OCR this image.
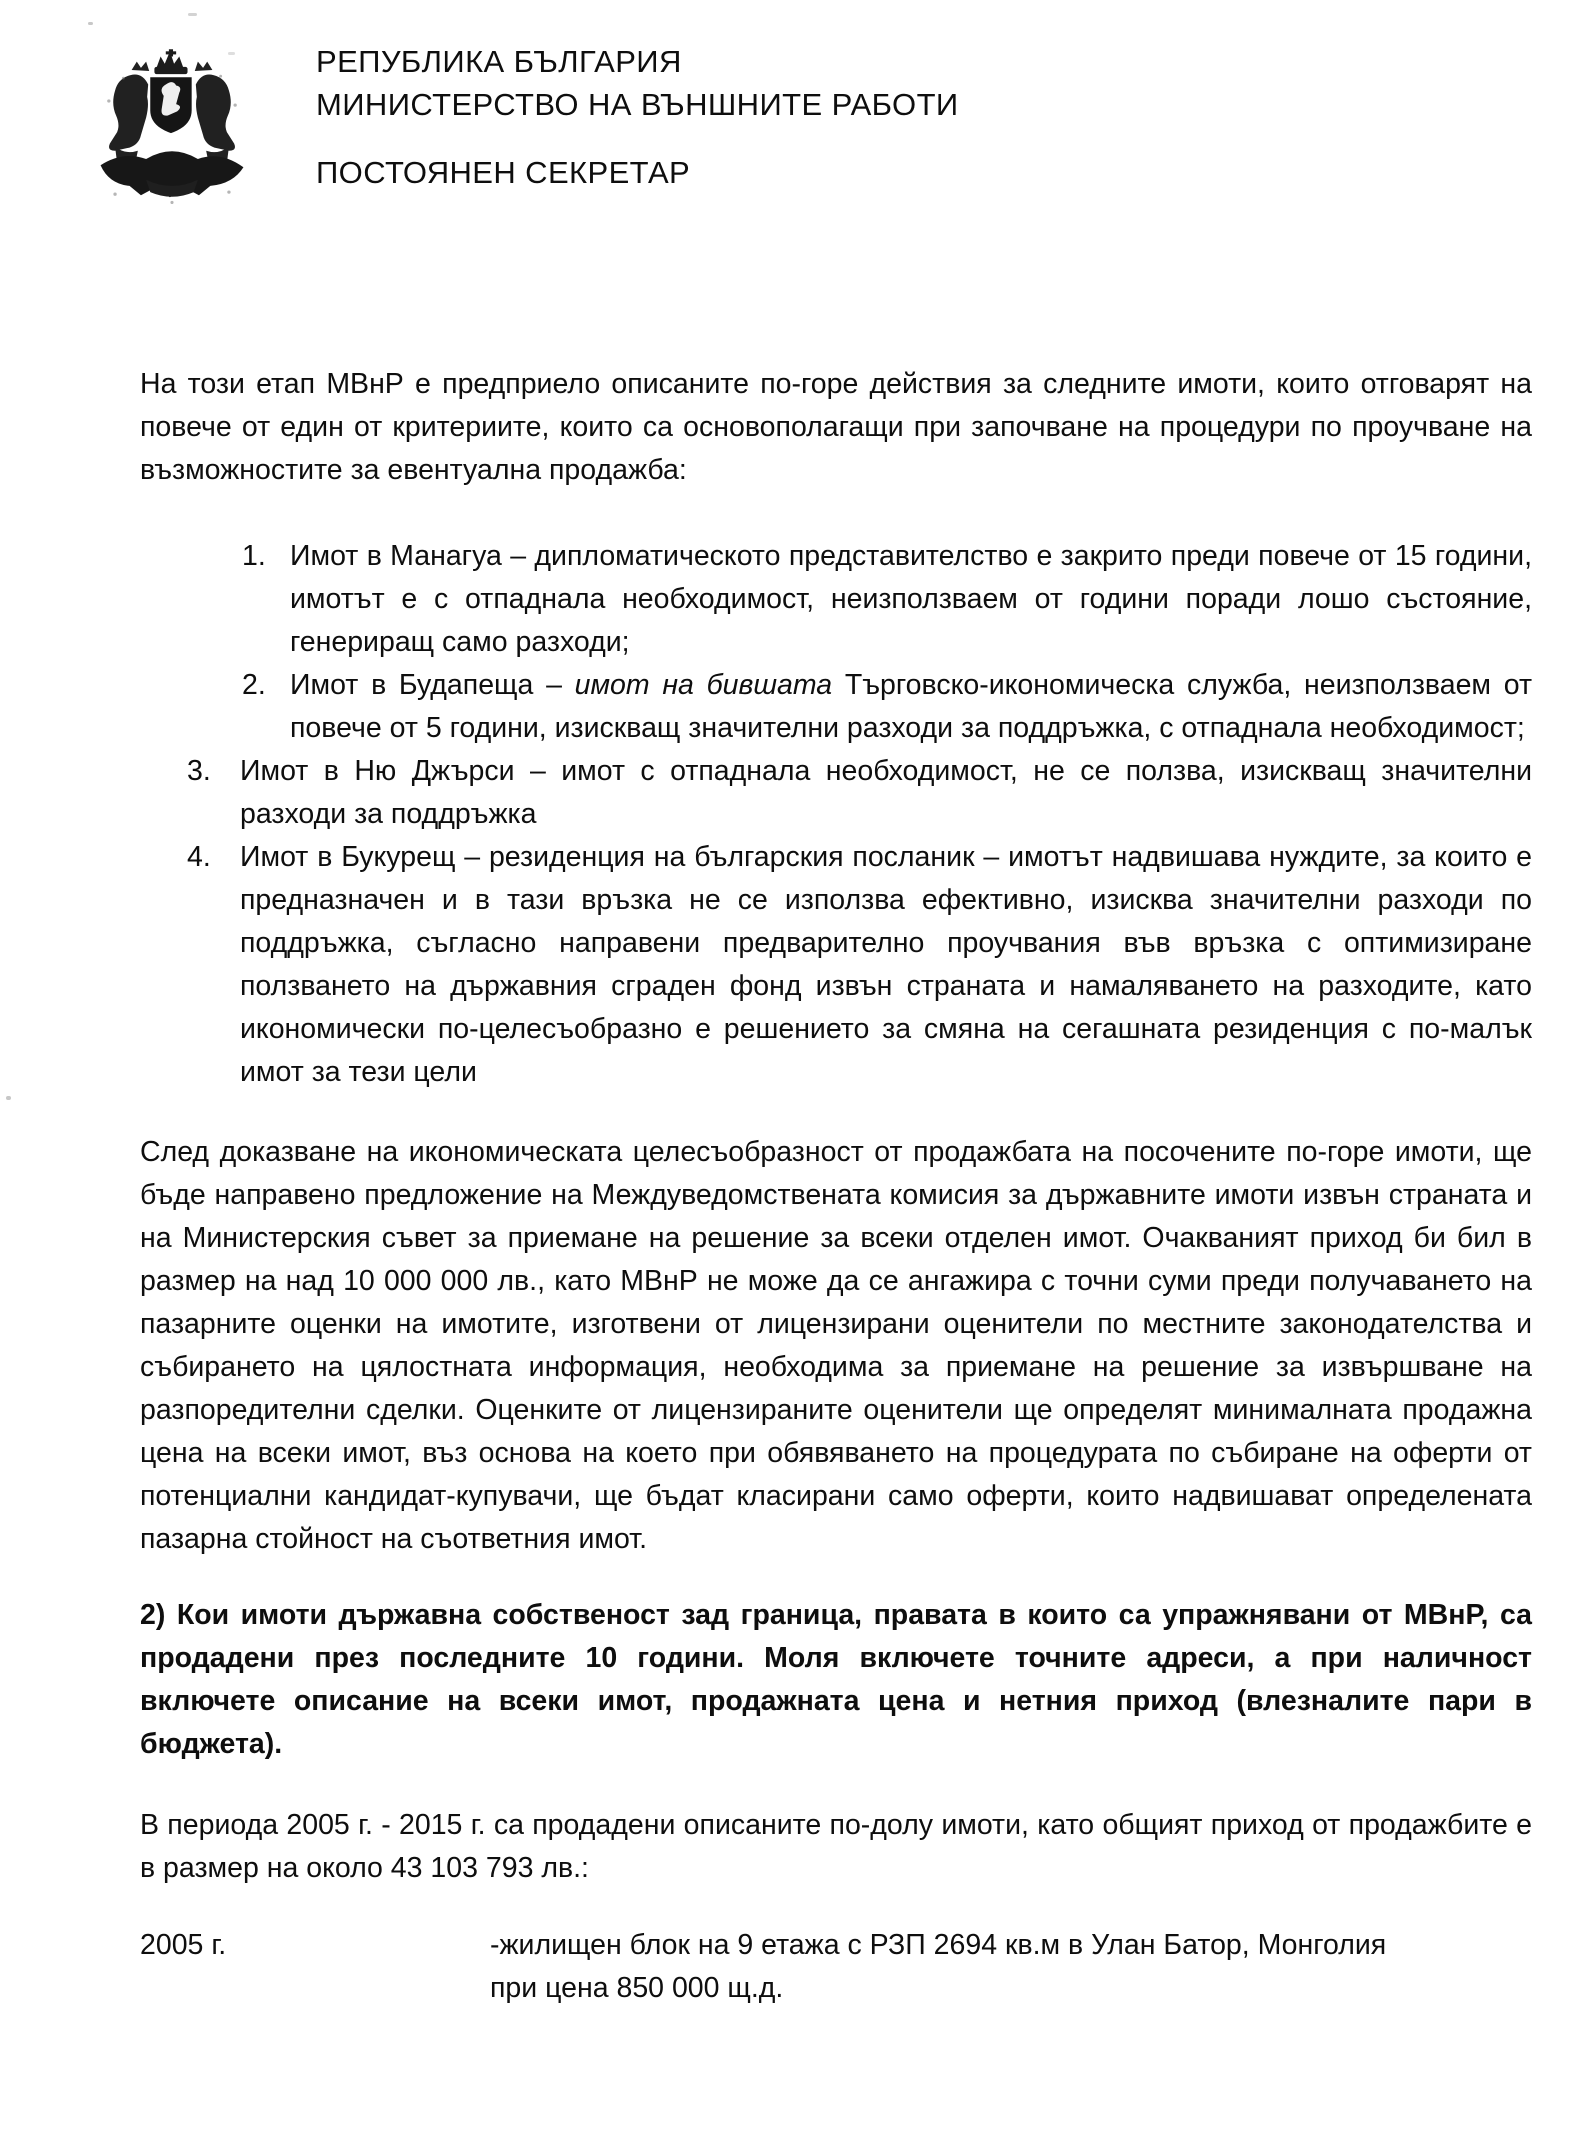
РЕПУБЛИКА БЪЛГАРИЯ
МИНИСТЕРСТВО НА ВЪНШНИТЕ РАБОТИ
ПОСТОЯНЕН СЕКРЕТАР

На този етап МВнР е предприело описаните по-горе действия за следните имоти, които отговарят на повече от един от критериите, които са основополагащи при започване на процедури по проучване на възможностите за евентуална продажба:

1. Имот в Манагуа – дипломатическото представителство е закрито преди повече от 15 години, имотът е с отпаднала необходимост, неизползваем от години поради лошо състояние, генериращ само разходи;
2. Имот в Будапеща – имот на бившата Търговско-икономическа служба, неизползваем от повече от 5 години, изискващ значителни разходи за поддръжка, с отпаднала необходимост;
3. Имот в Ню Джърси – имот с отпаднала необходимост, не се ползва, изискващ значителни разходи за поддръжка
4. Имот в Букурещ – резиденция на българския посланик – имотът надвишава нуждите, за които е предназначен и в тази връзка не се използва ефективно, изисква значителни разходи по поддръжка, съгласно направени предварително проучвания във връзка с оптимизиране ползването на държавния сграден фонд извън страната и намаляването на разходите, като икономически по-целесъобразно е решението за смяна на сегашната резиденция с по-малък имот за тези цели

След доказване на икономическата целесъобразност от продажбата на посочените по-горе имоти, ще бъде направено предложение на Междуведомствената комисия за държавните имоти извън страната и на Министерския съвет за приемане на решение за всеки отделен имот. Очакваният приход би бил в размер на над 10 000 000 лв., като МВнР не може да се ангажира с точни суми преди получаването на пазарните оценки на имотите, изготвени от лицензирани оценители по местните законодателства и събирането на цялостната информация, необходима за приемане на решение за извършване на разпоредителни сделки. Оценките от лицензираните оценители ще определят минималната продажна цена на всеки имот, въз основа на което при обявяването на процедурата по събиране на оферти от потенциални кандидат-купувачи, ще бъдат класирани само оферти, които надвишават определената пазарна стойност на съответния имот.

2) Кои имоти държавна собственост зад граница, правата в които са упражнявани от МВнР, са продадени през последните 10 години. Моля включете точните адреси, а при наличност включете описание на всеки имот, продажната цена и нетния приход (влезналите пари в бюджета).

В периода 2005 г. - 2015 г. са продадени описаните по-долу имоти, като общият приход от продажбите е в размер на около 43 103 793 лв.:

2005 г.	-жилищен блок на 9 етажа с РЗП 2694 кв.м в Улан Батор, Монголия
при цена 850 000 щ.д.
